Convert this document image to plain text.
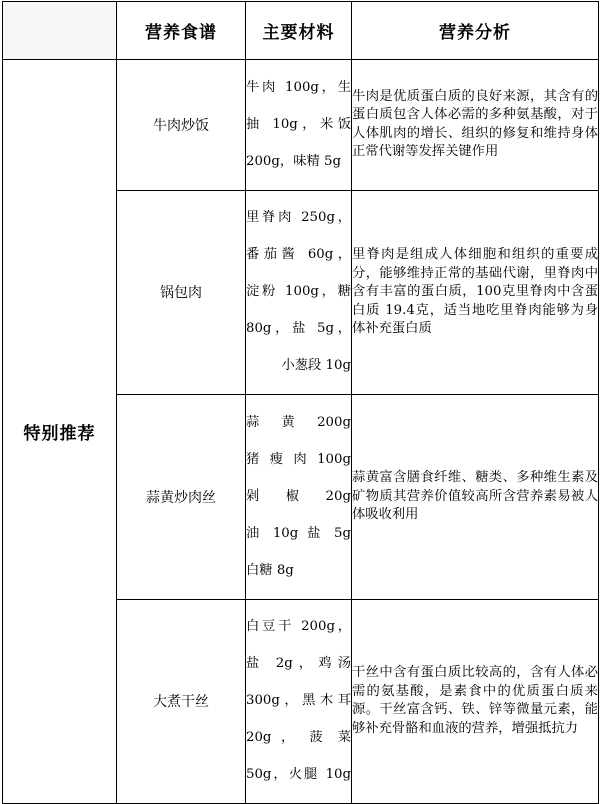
	营养食谱	主要材料	营养分析
特别推荐	牛肉炒饭	牛肉 100g，生

抽 10g，米饭

200g，味精 5g	牛肉是优质蛋白质的良好来源，其含有的蛋白质包含人体必需的多种氨基酸，对于人体肌肉的增长、组织的修复和维持身体正常代谢等发挥关键作用
	锅包肉	里脊肉 250g，

番茄酱 60g，

淀粉 100g，糖

80g，盐 5g，

小葱段 10g	里脊肉是组成人体细胞和组织的重要成分，能够维持正常的基础代谢，里脊肉中含有丰富的蛋白质，100克里脊肉中含蛋白质 19.4克，适当地吃里脊肉能够为身体补充蛋白质
	蒜黄炒肉丝	蒜　黄　200g

猪 瘦 肉 100g

剁　椒　20g

油 10g 盐 5g

白糖 8g	蒜黄富含膳食纤维、糖类、多种维生素及矿物质其营养价值较高所含营养素易被人体吸收利用
	大煮干丝	白豆干 200g，

盐 2g，鸡汤

300g，黑木耳

20g ， 菠 菜

50g，火腿 10g	干丝中含有蛋白质比较高的，含有人体必需的氨基酸，是素食中的优质蛋白质来源。干丝富含钙、铁、锌等微量元素，能够补充骨骼和血液的营养，增强抵抗力
